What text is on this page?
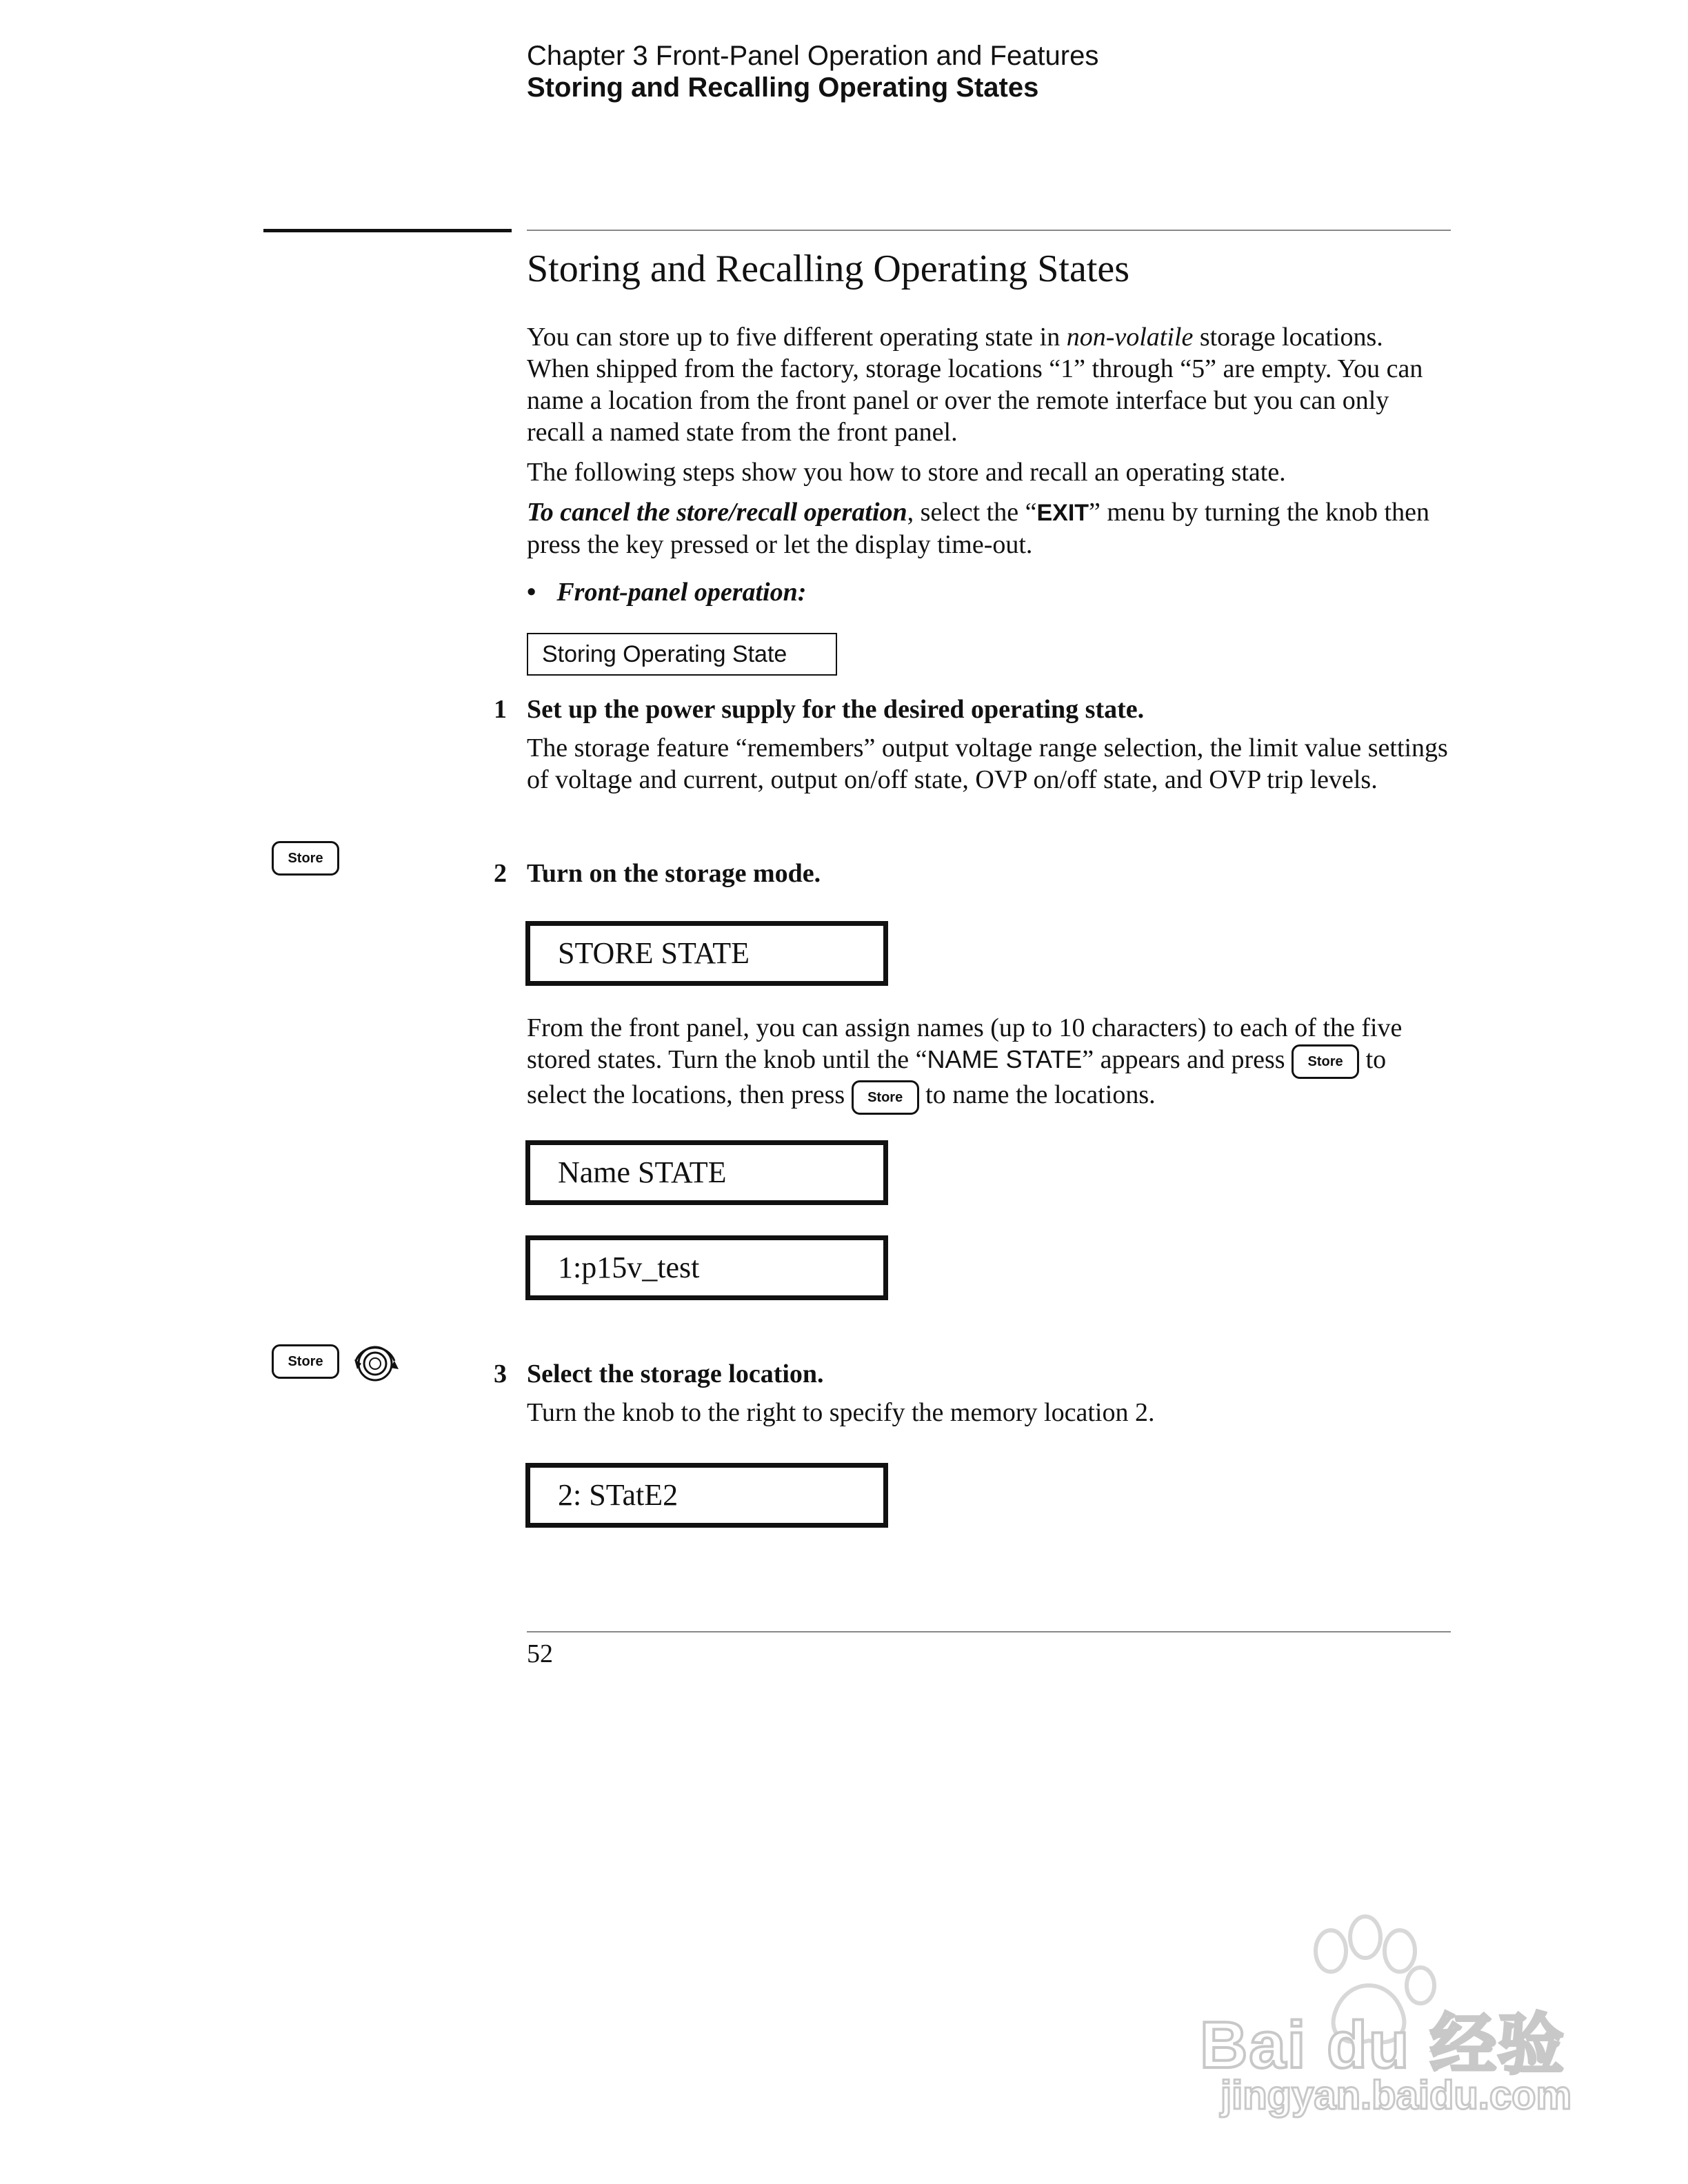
Chapter 3 Front-Panel Operation and Features
Storing and Recalling Operating States
Storing and Recalling Operating States

You can store up to five different operating state in non-volatile storage locations. When shipped from the factory, storage locations “1” through “5” are empty. You can name a location from the front panel or over the remote interface but you can only recall a named state from the front panel.

The following steps show you how to store and recall an operating state.

To cancel the store/recall operation, select the “EXIT” menu by turning the knob then press the key pressed or let the display time-out.

• Front-panel operation:
Storing Operating State
1 Set up the power supply for the desired operating state.
The storage feature “remembers” output voltage range selection, the limit value settings of voltage and current, output on/off state, OVP on/off state, and OVP trip levels.
Store
2 Turn on the storage mode.
STORE STATE
From the front panel, you can assign names (up to 10 characters) to each of the five stored states. Turn the knob until the “NAME STATE” appears and press Store to select the locations, then press Store to name the locations.
Name STATE
1:p15v_test
Store	3 Select the storage location.
Turn the knob to the right to specify the memory location 2.
2: STatE2
52
Bai du 经验
jingyan.baidu.com
